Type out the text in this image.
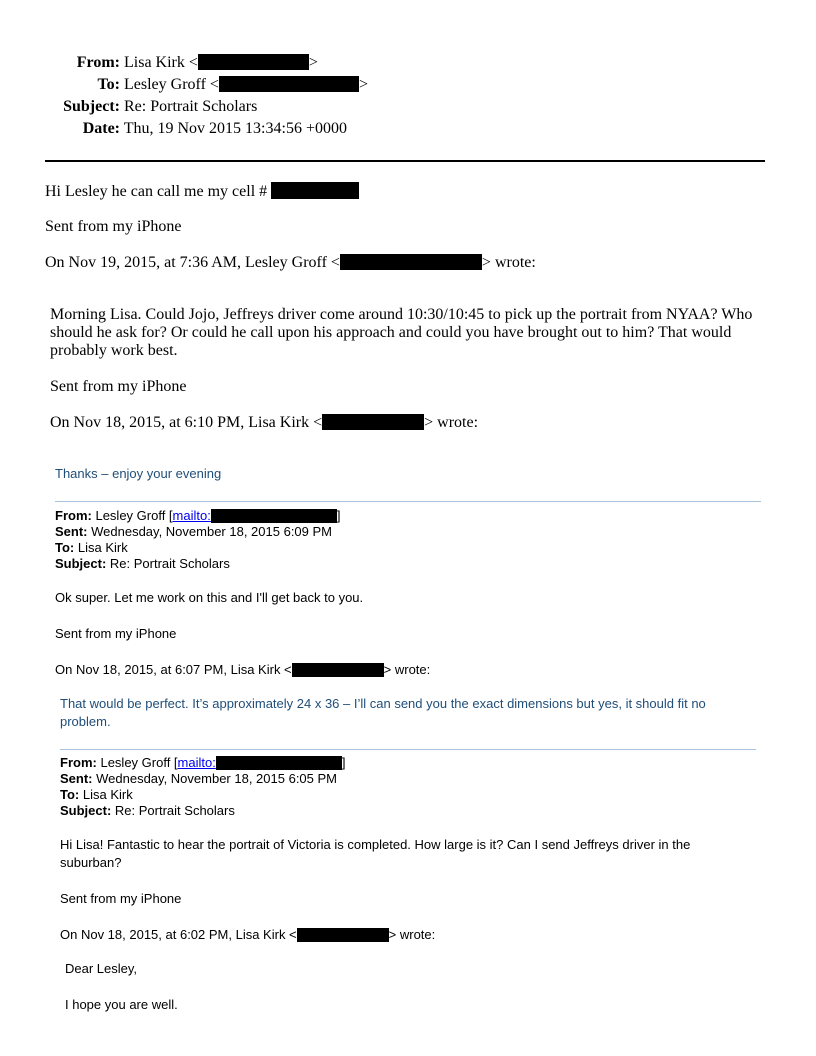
From: Lisa Kirk <	>
To: Lesley Groff <	>
Subject: Re: Portrait Scholars
Date: Thu, 19 Nov 2015 13:34:56 +0000
Hi Lesley he can call me my cell #
Sent from my iPhone
On Nov 19, 2015, at 7:36 AM, Lesley Groff <	> wrote:
Morning Lisa. Could Jojo, Jeffreys driver come around 10:30/10:45 to pick up the portrait from NYAA? Who
should he ask for? Or could he call upon his approach and could you have brought out to him? That would
probably work best.
Sent from my iPhone
On Nov 18, 2015, at 6:10 PM, Lisa Kirk <	> wrote:
Thanks – enjoy your evening
From: Lesley Groff [mailto:	]
Sent: Wednesday, November 18, 2015 6:09 PM
To: Lisa Kirk
Subject: Re: Portrait Scholars
Ok super. Let me work on this and I'll get back to you.
Sent from my iPhone
On Nov 18, 2015, at 6:07 PM, Lisa Kirk <	> wrote:
That would be perfect. It’s approximately 24 x 36 – I’ll can send you the exact dimensions but yes, it should fit no
problem.
From: Lesley Groff [mailto:	]
Sent: Wednesday, November 18, 2015 6:05 PM
To: Lisa Kirk
Subject: Re: Portrait Scholars
Hi Lisa! Fantastic to hear the portrait of Victoria is completed. How large is it? Can I send Jeffreys driver in the
suburban?
Sent from my iPhone
On Nov 18, 2015, at 6:02 PM, Lisa Kirk <	> wrote:
Dear Lesley,
I hope you are well.
